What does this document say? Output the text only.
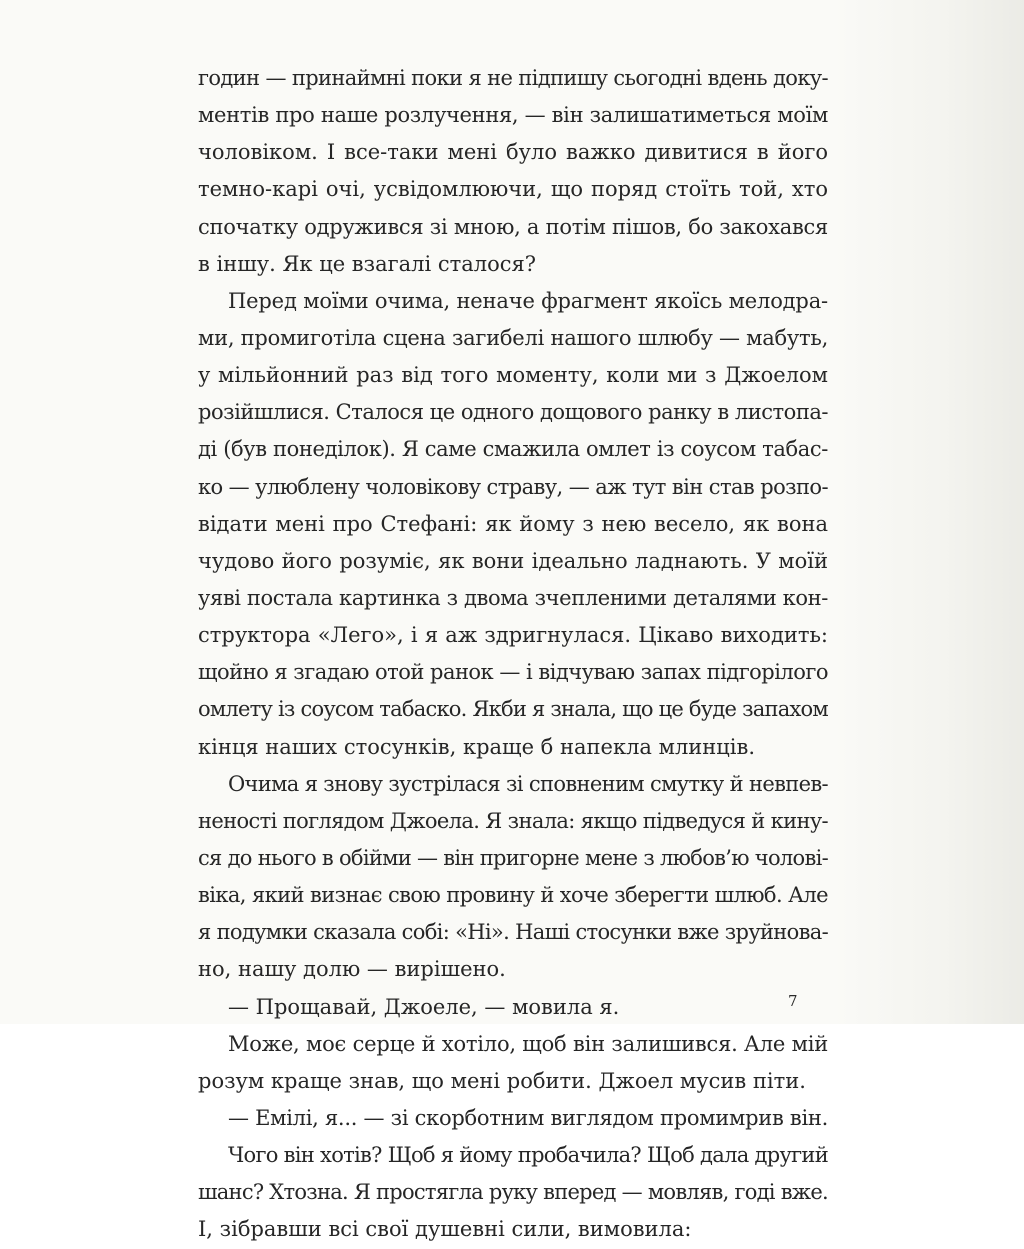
годин — принаймні поки я не підпишу сьогодні вдень доку-
ментів про наше розлучення, — він залишатиметься моїм
чоловіком. І все-таки мені було важко дивитися в його
темно-карі очі, усвідомлюючи, що поряд стоїть той, хто
спочатку одружився зі мною, а потім пішов, бо закохався
в іншу. Як це взагалі сталося?
Перед моїми очима, неначе фрагмент якоїсь мелодра-
ми, промиготіла сцена загибелі нашого шлюбу — мабуть,
у мільйонний раз від того моменту, коли ми з Джоелом
розійшлися. Сталося це одного дощового ранку в листопа-
ді (був понеділок). Я саме смажила омлет із соусом табас-
ко — улюблену чоловікову страву, — аж тут він став розпо-
відати мені про Стефані: як йому з нею весело, як вона
чудово його розуміє, як вони ідеально ладнають. У моїй
уяві постала картинка з двома зчепленими деталями кон-
структора «Лего», і я аж здригнулася. Цікаво виходить:
щойно я згадаю отой ранок — і відчуваю запах підгорілого
омлету із соусом табаско. Якби я знала, що це буде запахом
кінця наших стосунків, краще б напекла млинців.
Очима я знову зустрілася зі сповненим смутку й невпев-
неності поглядом Джоела. Я знала: якщо підведуся й кину-
ся до нього в обійми — він пригорне мене з любов’ю чолові-
віка, який визнає свою провину й хоче зберегти шлюб. Але
я подумки сказала собі: «Ні». Наші стосунки вже зруйнова-
но, нашу долю — вирішено.
— Прощавай, Джоеле, — мовила я.
Може, моє серце й хотіло, щоб він залишився. Але мій
розум краще знав, що мені робити. Джоел мусив піти.
— Емілі, я... — зі скорботним виглядом промимрив він.
Чого він хотів? Щоб я йому пробачила? Щоб дала другий
шанс? Хтозна. Я простягла руку вперед — мовляв, годі вже.
І, зібравши всі свої душевні сили, вимовила:
7
